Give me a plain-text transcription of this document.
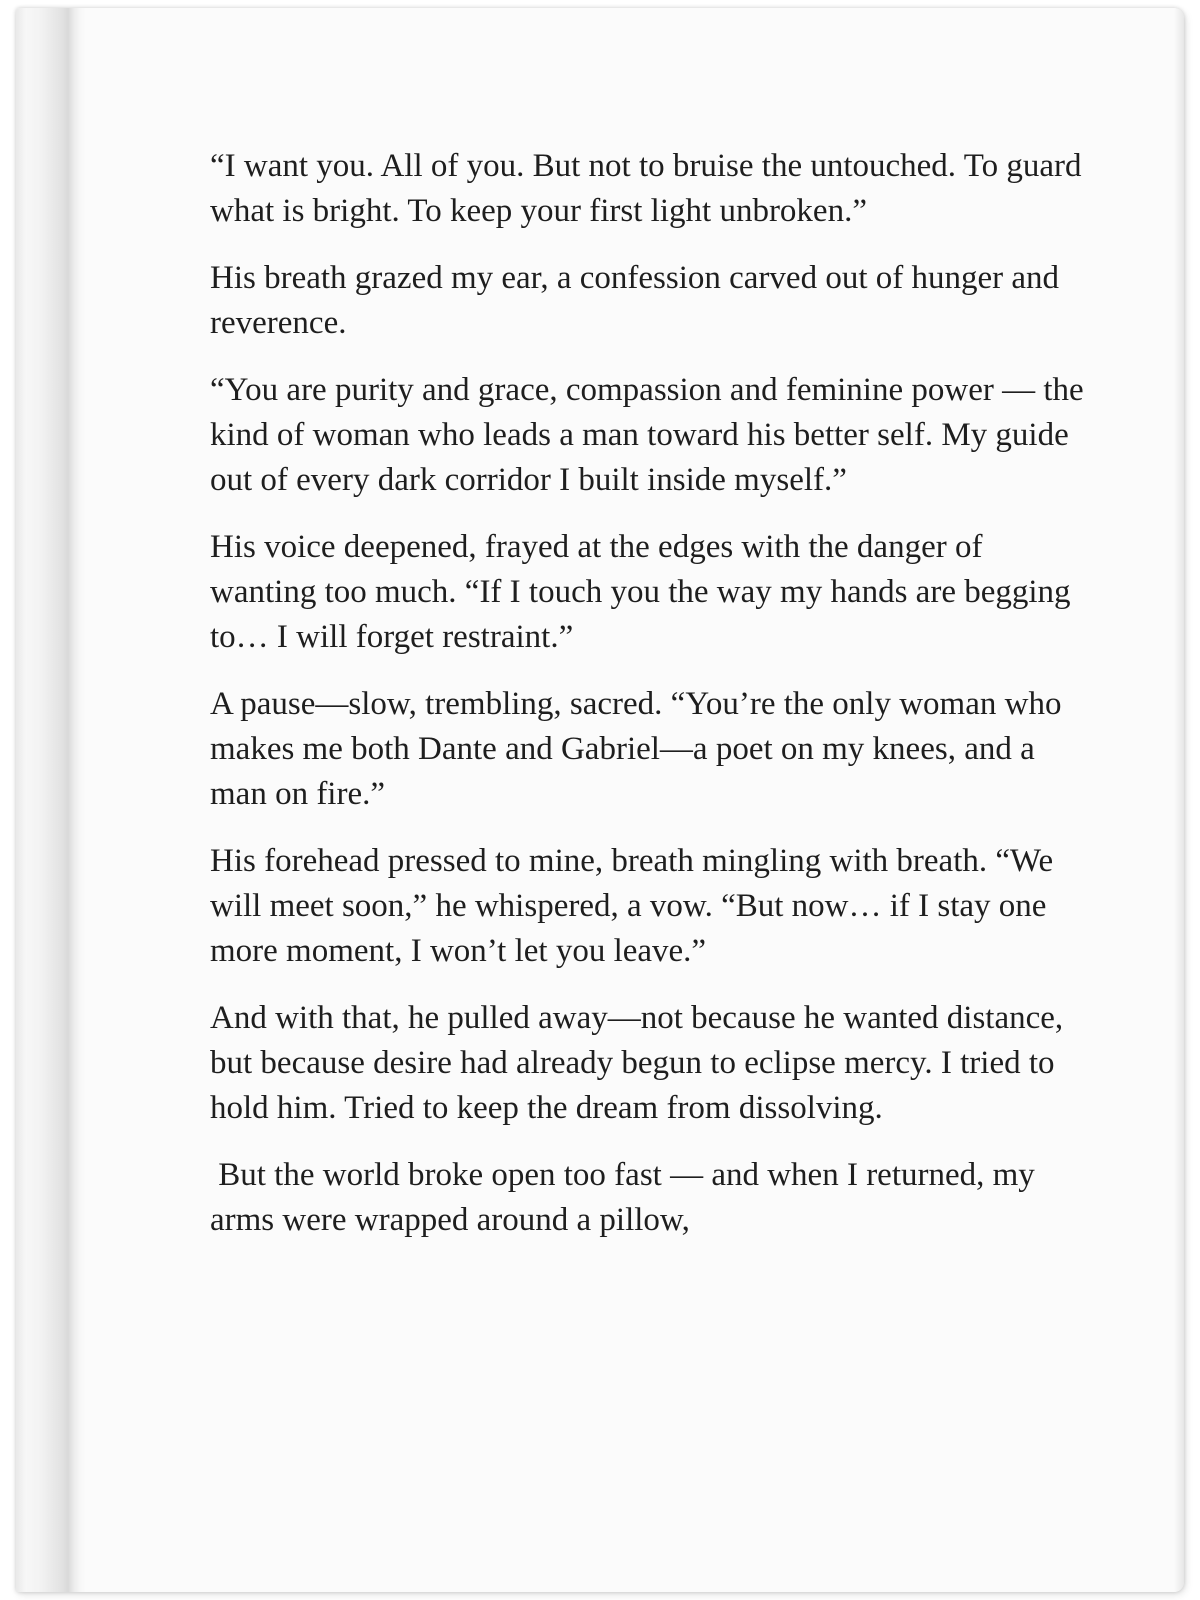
“I want you. All of you. But not to bruise the untouched. To guard what is bright. To keep your first light unbroken.”

His breath grazed my ear, a confession carved out of hunger and reverence.

“You are purity and grace, compassion and feminine power — the kind of woman who leads a man toward his better self. My guide out of every dark corridor I built inside myself.”

His voice deepened, frayed at the edges with the danger of wanting too much. “If I touch you the way my hands are begging to… I will forget restraint.”

A pause—slow, trembling, sacred. “You’re the only woman who makes me both Dante and Gabriel—a poet on my knees, and a man on fire.”

His forehead pressed to mine, breath mingling with breath. “We will meet soon,” he whispered, a vow. “But now… if I stay one more moment, I won’t let you leave.”

And with that, he pulled away—not because he wanted distance, but because desire had already begun to eclipse mercy. I tried to hold him. Tried to keep the dream from dissolving.

But the world broke open too fast — and when I returned, my arms were wrapped around a pillow,
